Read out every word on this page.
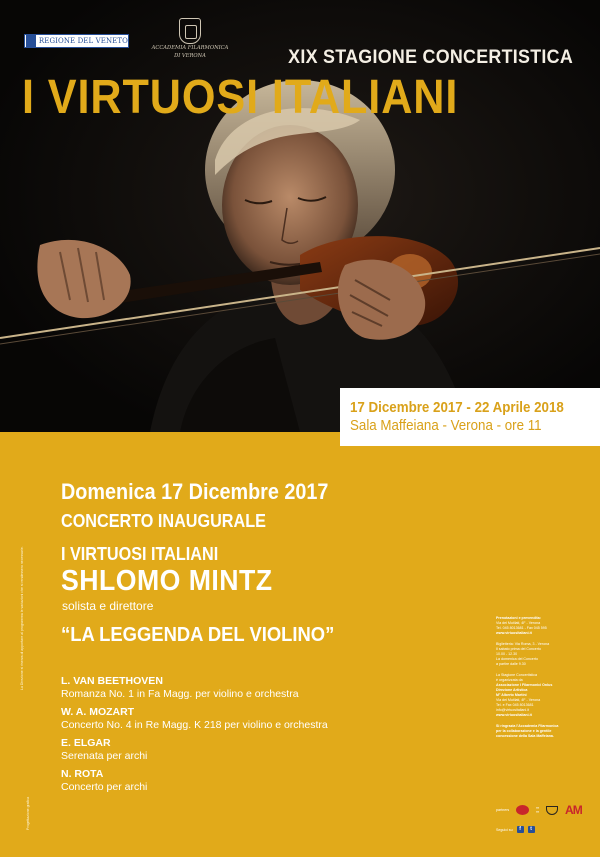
REGIONE DEL VENETO
ACCADEMIA FILARMONICA
DI VERONA	XIX STAGIONE CONCERTISTICA
I VIRTUOSI ITALIANI
17 Dicembre 2017 - 22 Aprile 2018
Sala Maffeiana - Verona - ore 11
Domenica 17 Dicembre 2017
CONCERTO INAUGURALE
I VIRTUOSI ITALIANI
SHLOMO MINTZ
solista e direttore
“LA LEGGENDA DEL VIOLINO”
L. VAN BEETHOVEN
Romanza No. 1 in Fa Magg. per violino e orchestra
W. A. MOZART
Concerto No. 4 in Re Magg. K 218 per violino e orchestra
E. ELGAR
Serenata per archi
N. ROTA
Concerto per archi
La Direzione si riserva di apportare al programma le variazioni che si rendessero necessarie.
Progettazione grafica
Prenotazioni e prevendita:
Via dei Mutilati, 4F - Verona
Tel. 045 8013681 - Fax 045 595
www.virtuositaliani.it
Biglietteria: Via Roma, 3 - Verona
Il sabato prima del Concerto
10.00 - 12.30
La domenica del Concerto
a partire dalle 9.30
La Stagione Concertistica
è organizzata da
Associazione I Filarmonici Onlus
Direzione Artistica
M° Alberto Martini
Via dei Mutilati, 4F - Verona
Tel. e Fax 045 8013681
info@virtuositaliani.it
www.virtuositaliani.it
Si ringrazia l'Accademia Filarmonica
per la collaborazione e la gentile
concessione della Sala Maffeiana.
partners	▪▪
▪▪ AM
Seguici su	f	t
